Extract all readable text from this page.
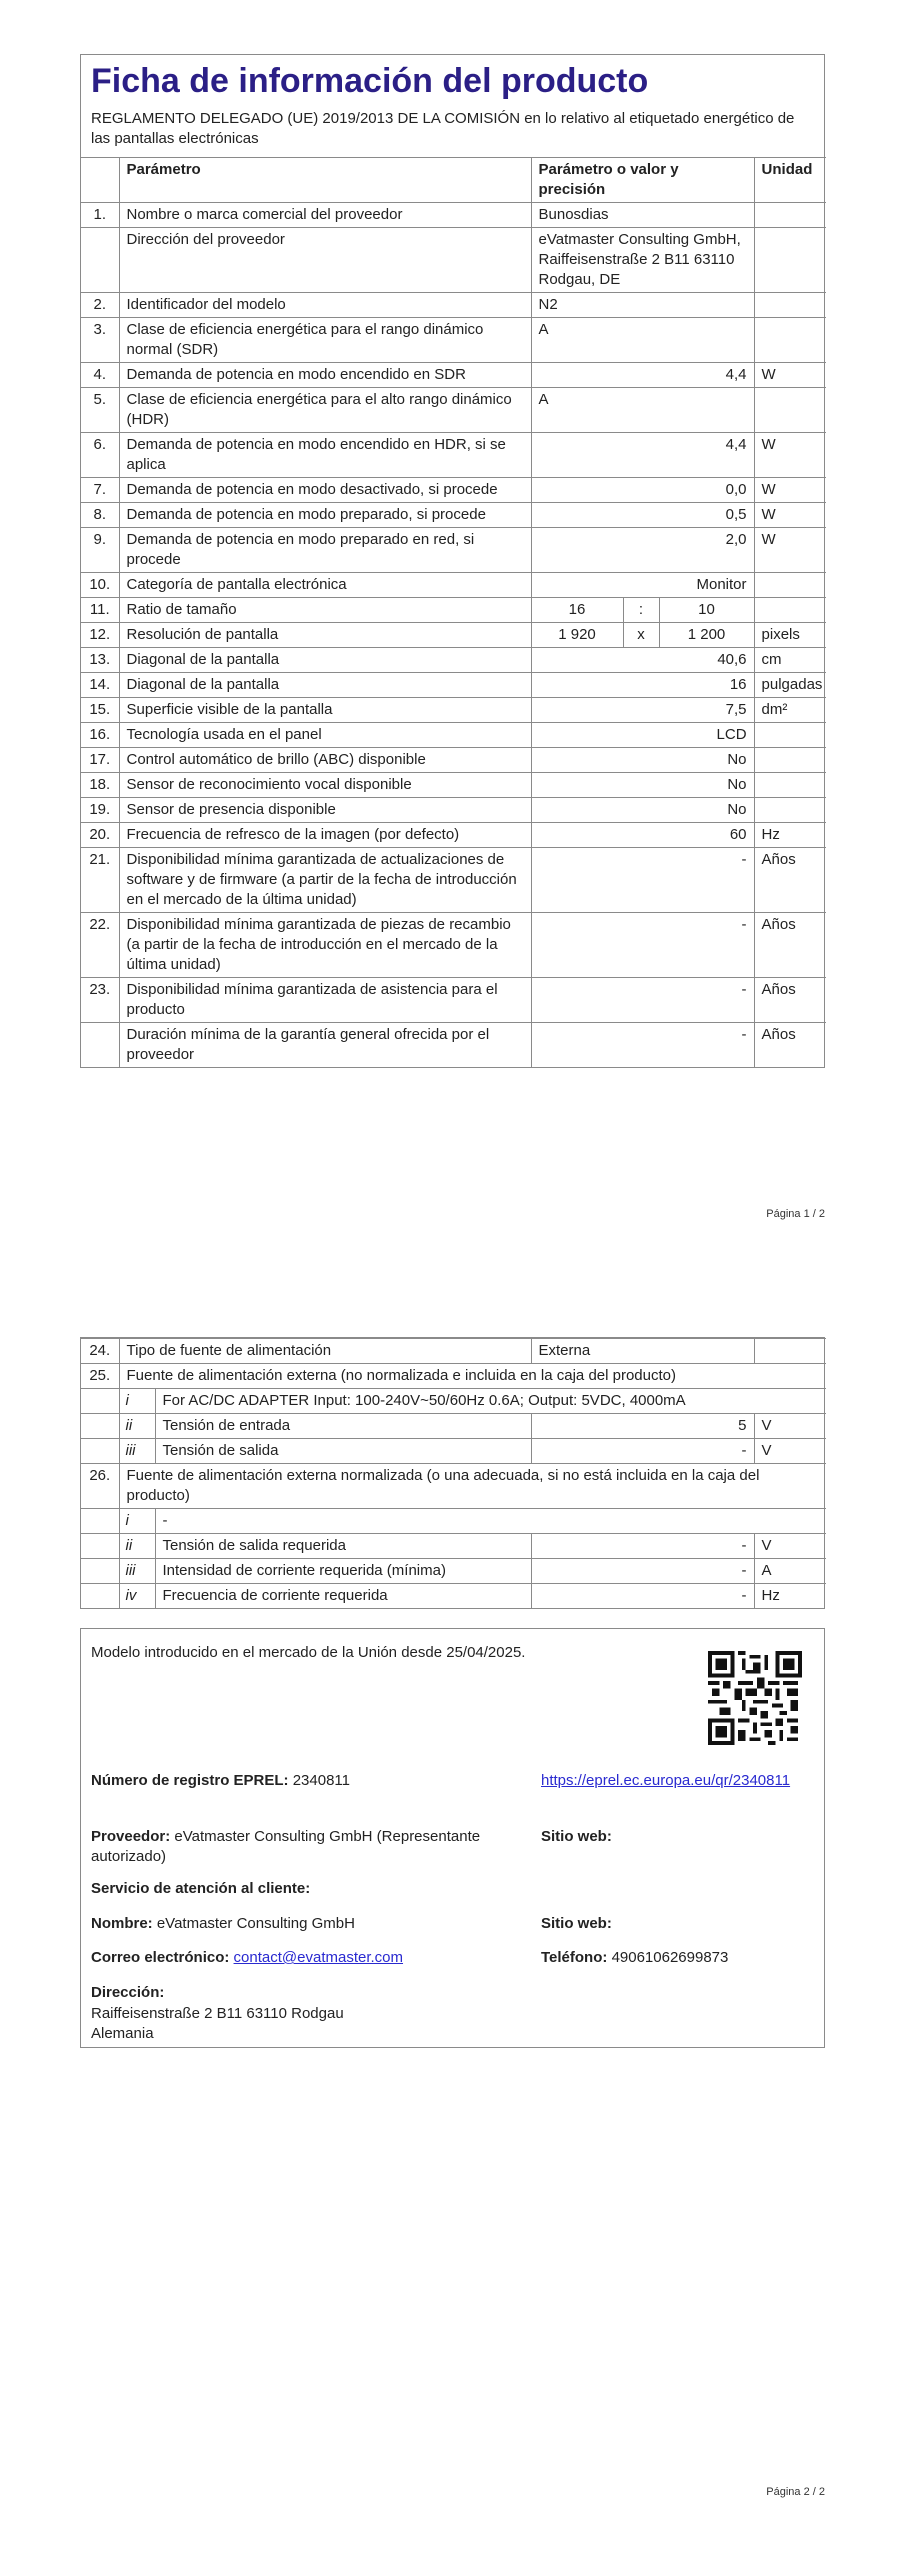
Ficha de información del producto
REGLAMENTO DELEGADO (UE) 2019/2013 DE LA COMISIÓN en lo relativo al etiquetado energético de las pantallas electrónicas
	Parámetro	Parámetro o valor y precisión			Unidad
1.	Nombre o marca comercial del proveedor	Bunosdias			
	Dirección del proveedor	eVatmaster Consulting GmbH, Raiffeisenstraße 2 B11 63110 Rodgau, DE			
2.	Identificador del modelo	N2			
3.	Clase de eficiencia energética para el rango dinámico normal (SDR)	A			
4.	Demanda de potencia en modo encendido en SDR	4,4			W
5.	Clase de eficiencia energética para el alto rango dinámico (HDR)	A			
6.	Demanda de potencia en modo encendido en HDR, si se aplica	4,4			W
7.	Demanda de potencia en modo desactivado, si procede	0,0			W
8.	Demanda de potencia en modo preparado, si procede	0,5			W
9.	Demanda de potencia en modo preparado en red, si procede	2,0			W
10.	Categoría de pantalla electrónica	Monitor			
11.	Ratio de tamaño	16	:	10	
12.	Resolución de pantalla	1 920	x	1 200	pixels
13.	Diagonal de la pantalla	40,6			cm
14.	Diagonal de la pantalla	16			pulgadas
15.	Superficie visible de la pantalla	7,5			dm²
16.	Tecnología usada en el panel	LCD			
17.	Control automático de brillo (ABC) disponible	No			
18.	Sensor de reconocimiento vocal disponible	No			
19.	Sensor de presencia disponible	No			
20.	Frecuencia de refresco de la imagen (por defecto)	60			Hz
21.	Disponibilidad mínima garantizada de actualizaciones de software y de firmware (a partir de la fecha de introducción en el mercado de la última unidad)	-			Años
22.	Disponibilidad mínima garantizada de piezas de recambio (a partir de la fecha de introducción en el mercado de la última unidad)	-			Años
23.	Disponibilidad mínima garantizada de asistencia para el producto	-			Años
	Duración mínima de la garantía general ofrecida por el proveedor	-			Años
Página 1 / 2
24.	Tipo de fuente de alimentación		Externa	
25.	Fuente de alimentación externa (no normalizada e incluida en la caja del producto)			
	i	For AC/DC ADAPTER Input: 100-240V~50/60Hz 0.6A; Output: 5VDC, 4000mA		
	ii	Tensión de entrada	5	V
	iii	Tensión de salida	-	V
26.	Fuente de alimentación externa normalizada (o una adecuada, si no está incluida en la caja del producto)			
	i	-		
	ii	Tensión de salida requerida	-	V
	iii	Intensidad de corriente requerida (mínima)	-	A
	iv	Frecuencia de corriente requerida	-	Hz
Modelo introducido en el mercado de la Unión desde 25/04/2025.
Número de registro EPREL: 2340811	https://eprel.ec.europa.eu/qr/2340811
Proveedor: eVatmaster Consulting GmbH (Representante autorizado)
Sitio web:
Servicio de atención al cliente:
Nombre: eVatmaster Consulting GmbH	Sitio web:
Correo electrónico: contact@evatmaster.com	Teléfono: 49061062699873
Dirección:
Raiffeisenstraße 2 B11 63110 Rodgau
Alemania
Página 2 / 2
